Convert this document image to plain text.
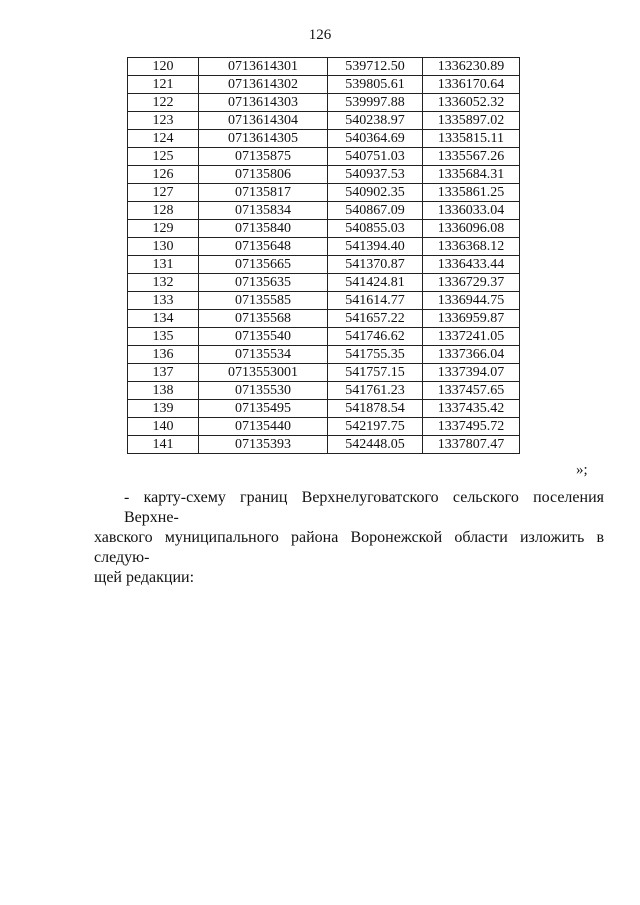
126
120	0713614301	539712.50	1336230.89
121	0713614302	539805.61	1336170.64
122	0713614303	539997.88	1336052.32
123	0713614304	540238.97	1335897.02
124	0713614305	540364.69	1335815.11
125	07135875	540751.03	1335567.26
126	07135806	540937.53	1335684.31
127	07135817	540902.35	1335861.25
128	07135834	540867.09	1336033.04
129	07135840	540855.03	1336096.08
130	07135648	541394.40	1336368.12
131	07135665	541370.87	1336433.44
132	07135635	541424.81	1336729.37
133	07135585	541614.77	1336944.75
134	07135568	541657.22	1336959.87
135	07135540	541746.62	1337241.05
136	07135534	541755.35	1337366.04
137	0713553001	541757.15	1337394.07
138	07135530	541761.23	1337457.65
139	07135495	541878.54	1337435.42
140	07135440	542197.75	1337495.72
141	07135393	542448.05	1337807.47
»;
- карту-схему границ Верхнелуговатского сельского поселения Верхне-
хавского муниципального района Воронежской области изложить в следую-
щей редакции:
